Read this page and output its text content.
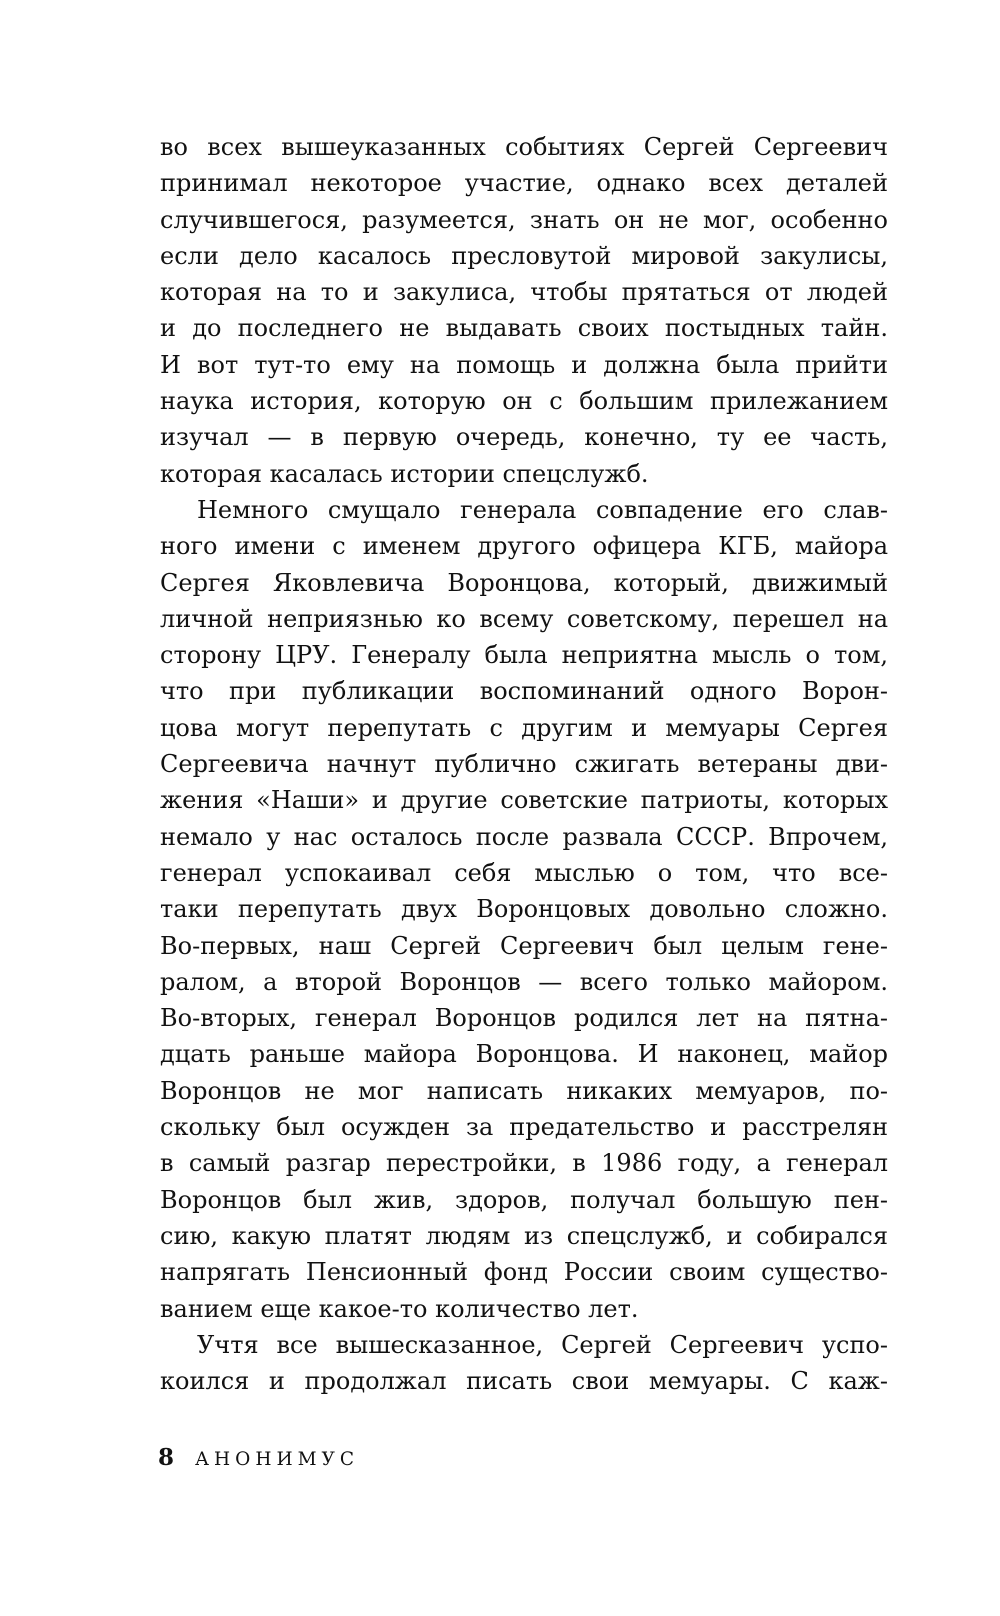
во всех вышеуказанных событиях Сергей Сергеевич
принимал некоторое участие, однако всех деталей
случившегося, разумеется, знать он не мог, особенно
если дело касалось пресловутой мировой закулисы,
которая на то и закулиса, чтобы прятаться от людей
и до последнего не выдавать своих постыдных тайн.
И вот тут-то ему на помощь и должна была прийти
наука история, которую он с большим прилежанием
изучал — в первую очередь, конечно, ту ее часть,
которая касалась истории спецслужб.
Немного смущало генерала совпадение его слав-
ного имени с именем другого офицера КГБ, майора
Сергея Яковлевича Воронцова, который, движимый
личной неприязнью ко всему советскому, перешел на
сторону ЦРУ. Генералу была неприятна мысль о том,
что при публикации воспоминаний одного Ворон-
цова могут перепутать с другим и мемуары Сергея
Сергеевича начнут публично сжигать ветераны дви-
жения «Наши» и другие советские патриоты, которых
немало у нас осталось после развала СССР. Впрочем,
генерал успокаивал себя мыслью о том, что все-
таки перепутать двух Воронцовых довольно сложно.
Во-первых, наш Сергей Сергеевич был целым гене-
ралом, а второй Воронцов — всего только майором.
Во-вторых, генерал Воронцов родился лет на пятна-
дцать раньше майора Воронцова. И наконец, майор
Воронцов не мог написать никаких мемуаров, по-
скольку был осужден за предательство и расстрелян
в самый разгар перестройки, в 1986 году, а генерал
Воронцов был жив, здоров, получал большую пен-
сию, какую платят людям из спецслужб, и собирался
напрягать Пенсионный фонд России своим существо-
ванием еще какое-то количество лет.
Учтя все вышесказанное, Сергей Сергеевич успо-
коился и продолжал писать свои мемуары. С каж-
8 АНОНИМУС
